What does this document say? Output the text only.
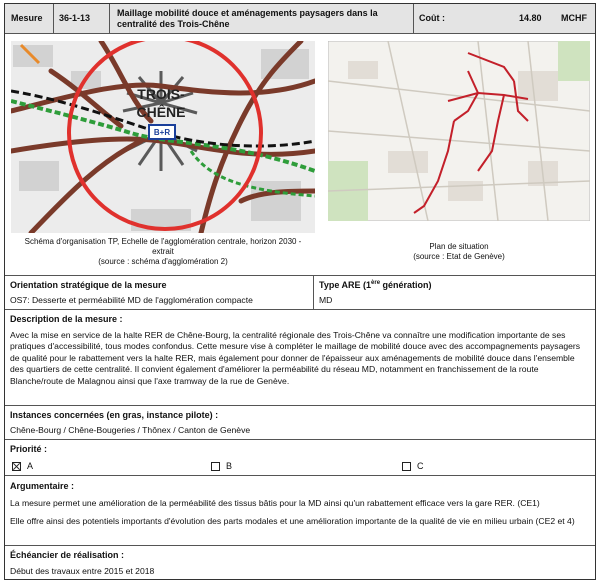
Mesure 36-1-13	Maillage mobilité douce et aménagements paysagers dans la
centralité des Trois-Chêne
Coût :	14.80 MCHF
B+R
TROIS-
CHÊNE
Schéma d'organisation TP, Echelle de l'agglomération centrale, horizon 2030 -
extrait
(source : schéma d'agglomération 2)
Plan de situation
(source : Etat de Genève)
Orientation stratégique de la mesure
OS7: Desserte et perméabilité MD de l'agglomération compacte
Type ARE (1ère génération)
MD
Description de la mesure :
Avec la mise en service de la halte RER de Chêne-Bourg, la centralité régionale des Trois-Chêne va connaître une modification importante de ses pratiques d'accessibilité, tous modes confondus. Cette mesure vise à compléter le maillage de mobilité douce avec des accompagnements paysagers de qualité pour le rabattement vers la halte RER, mais également pour donner de l'épaisseur aux aménagements de mobilité douce dans l'ensemble des quartiers de cette centralité. Il convient également d'améliorer la perméabilité du réseau MD, notamment en franchissement de la route Blanche/route de Malagnou ainsi que l'axe tramway de la rue de Genève.
Instances concernées (en gras, instance pilote) :
Chêne-Bourg / Chêne-Bougeries / Thônex / Canton de Genève
Priorité :
A	B	C
Argumentaire :
La mesure permet une amélioration de la perméabilité des tissus bâtis pour la MD ainsi qu'un rabattement efficace vers la gare RER. (CE1)
Elle offre ainsi des potentiels importants d'évolution des parts modales et une amélioration importante de la qualité de vie en milieu urbain (CE2 et 4)
Échéancier de réalisation :
Début des travaux entre 2015 et 2018
